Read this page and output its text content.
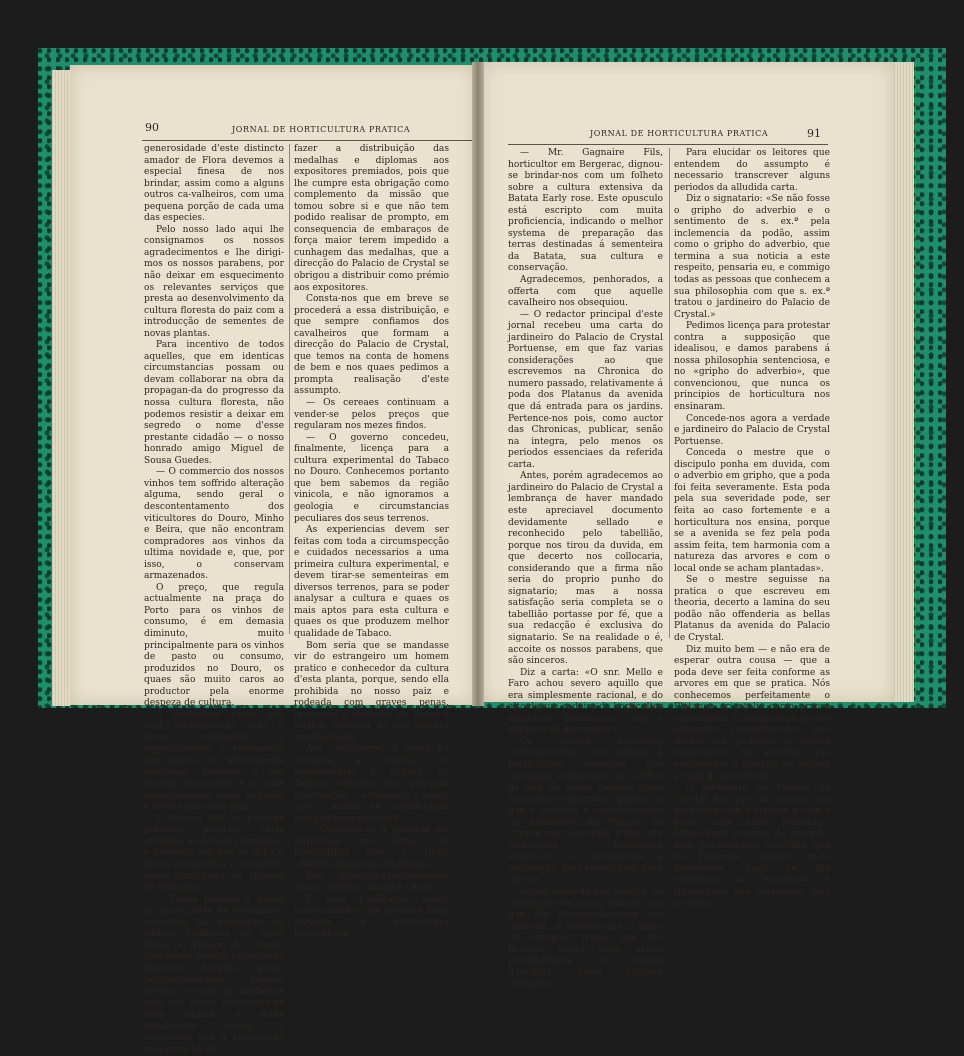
90	JORNAL DE HORTICULTURA PRATICA	JORNAL DE HORTICULTURA PRATICA	91

generosidade d'este distincto amador de Flora devemos a especial finesa de nos brindar, assim como a alguns outros ca-valheiros, com uma pequena porção de cada uma das especies.

Pelo nosso lado aqui lhe consignamos os nossos agradecimentos e lhe dirigi-mos os nossos parabens, por não deixar em esquecimento os relevantes serviços que presta ao desenvolvimento da cultura floresta do paiz com a introducção de sementes de novas plantas.

Para incentivo de todos aquelles, que em identicas circumstancias possam ou devam collaborar na obra da propagan-da do progresso da nossa cultura floresta, não podemos resistir a deixar em segredo o nome d'esse prestante cidadão — o nosso honrado amigo Miguel de Sousa Guedes.

— O commercio dos nossos vinhos tem soffrido alteração alguma, sendo geral o descontentamento dos viticultores do Douro, Minho e Beira, que não encontram compradores aos vinhos da ultima novidade e, que, por isso, o conservam armazenados.

O preço, que regula actualmente na praça do Porto para os vinhos de consumo, é em demasia diminuto, muito principalmente para os vinhos de pasto ou consumo, produzidos no Douro, os quaes são muito caros ao productor pela enorme despeza de cultura.

A deploravel crise, que está atravessando todo o nosso commercio, e especialmente o commercio dos vinhos, se infelizmente continuar, leva-nos a um abysmo insondavel, e as suas consequencias serão terriveis e tristes para este paiz.

É preciso que os poderes publicos prestem séria attenção ao estado calamitoso e anormal, em que se acha o nosso commercio e industria, bases principaes da riqueza de Portugal.

— Como tivemos a honra de fazer parte da commissão executiva da exposição de vinhos, realisada no anno findo no Palacio de Crystal Portuense, muitos expositores têem-nos dirigido cartas, perguntando-nos quando devem receber as medalhas com que foram premiados os seus vinhos. A estes cavalheiros temos a responder que a commissão executiva ha-de

fazer a distribuição das medalhas e diplomas aos expositores premiados, pois que lhe cumpre esta obrigação como complemento da missão que tomou sobre si e que não tem podido realisar de prompto, em consequencia de embaraços de força maior terem impedido a cunhagem das medalhas, que a direcção do Palacio de Crystal se obrigou a distribuir como prémio aos expositores.

Consta-nos que em breve se procederá a essa distribuição, e que sempre confiamos dos cavalheiros que formam a direcção do Palacio de Crystal, que temos na conta de homens de bem e nos quaes pedimos a prompta realisação d'este assumpto.

— Os cereaes continuam a vender-se pelos preços que regularam nos mezes findos.

— O governo concedeu, finalmente, licença para a cultura experimental do Tabaco no Douro. Conhecemos portanto que bem sabemos da região vinicola, e não ignoramos a geologia e circumstancias peculiares dos seus terrenos.

As experiencias devem ser feitas com toda a circumspecção e cuidados necessarios a uma primeira cultura experimental, e devem tirar-se sementeiras em diversos terrenos, para se poder analysar a cultura e quaes os mais aptos para esta cultura e quaes os que produzem melhor qualidade de Tabaco.

Bom seria que se mandasse vir do estrangeiro um homem pratico e conhecedor da cultura d'esta planta, porque, sendo ella prohibida no nosso paiz e rodeada com graves penas, ignora-se o segredo, ou antes o melhor systema de sua cultura aperfeiçoada.

Aos cavalheiros, a quem foi confiada a missão de experimentar a cultura do Tabaco, fazemos esta pequena observação, estimando muito que a tomem na consideração que julgamos merecer.

— Começou-se a publicar em Barcelona um jornal de horticultura com o titulo «Revista Horticola Andaluza».

São directores-proprietarios os srs. Martin, Giraud e Oleari.

É uma publicação muito interessante e que prestará bons serviços á horticultura hespanhola.

— Mr. Gagnaire Fils, horticultor em Bergerac, dignou-se brindar-nos com um folheto sobre a cultura extensiva da Batata Early rose. Este opusculo está escripto com muita proficiencia, indicando o melhor systema de preparação das terras destinadas á sementeira da Batata, sua cultura e conservação.

Agradecemos, penhorados, a offerta com que aquelle cavalheiro nos obsequiou.

— O redactor principal d'este jornal recebeu uma carta do jardineiro do Palacio de Crystal Portuense, em que faz varias considerações ao que escrevemos na Chronica do numero passado, relativamente á poda dos Platanus da avenida que dá entrada para os jardins. Pertence-nos pois, como auctor das Chronicas, publicar, senão na integra, pelo menos os periodos essenciaes da referida carta.

Antes, porém agradecemos ao jardineiro do Palacio de Crystal a lembrança de haver mandado este apreciavel documento devidamente sellado e reconhecido pelo tabellião, porque nos tirou da duvida, em que decerto nos collocaria, considerando que a firma não seria do proprio punho do signatario; mas a nossa satisfação seria completa se o tabellião portasse por fé, que a sua redacção é exclusiva do signatario. Se na realidade o é, accoite os nossos parabens, que são sinceros.

Diz a carta: «O snr. Mello e Faro achou severo aquillo que era simplesmente racional, e do alto da sua cadeira de horticultor encartado fulmina-nos com o epitheto de destruidor».

Os nossos diminutos conhecimentos com relação á horticultura impedem que nutramos aspirações, de afallar de alto da nossa cadeira como horticultor encartado; porém, já que a sciencia e conhecimentos do jardineiro do Palacio de Crystal nos elevaram a tão alta cathegoria — horticultor encartado — acceitamos a collocação, pelo veredictum d'um mestre.

Agora conceda-nos licença de descermos da nossa cadeira, em que tão desastradamente nos collocou, e pedimos-lhe o favor de sentar-se n'ella, que nós ficamos muito bem, sendo perfeitamente no banco d'eschola, como obscuro discipulo.

Para elucidar os leitores que entendem do assumpto é necessario transcrever alguns periodos da alludida carta.

Diz o signatario: «Se não fosse o gripho do adverbio e o sentimento de s. ex.ª pela inclemencia da podão, assim como o gripho do adverbio, que termina a sua noticia a este respeito, pensaria eu, e commigo todas as pessoas que conhecem a sua philosophia com que s. ex.ª tratou o jardineiro do Palacio de Crystal.»

Pedimos licença para protestar contra a supposição que idealisou, e damos parabens á nossa philosophia sentenciosa, e no «gripho do adverbio», que convencionou, que nunca os principios de horticultura nos ensinaram.

Concede-nos agora a verdade e jardineiro do Palacio de Crystal Portuense.

Conceda o mestre que o discipulo ponha em duvida, com o adverbio em gripho, que a poda foi feita severamente. Esta poda pela sua severidade pode, ser feita ao caso fortemente e a horticultura nos ensina, porque se a avenida se fez pela poda assim feita, tem harmonia com a natureza das arvores e com o local onde se acham plantadas».

Se o mestre seguisse na pratica o que escreveu em theoria, decerto a lamina do seu podão não offenderia as bellas Platanus da avenida do Palacio de Crystal.

Diz muito bem — e não era de esperar outra cousa — que a poda deve ser feita conforme as arvores em que se pratica. Nós conhecemos perfeitamente o Platanus orientalis como arvore ornamental, e, segundo os nossos diminutos conhecimentos, não devem ser podados os ramos defeituosos, ou aquelles que embaracem o transito ou cortem a vista do observador.

O jardineiro do Palacio de Crystal diz que taz a poda em harmonia com a especie e com o local, onde estão plantadas. Muito bem; estamos de accordo, mas permitta-nos dizer-lhe que os Platanus, quantos mais ferimentos, mais se lhe offerecem as exposição e transtornos das calamosas dias do estio.
